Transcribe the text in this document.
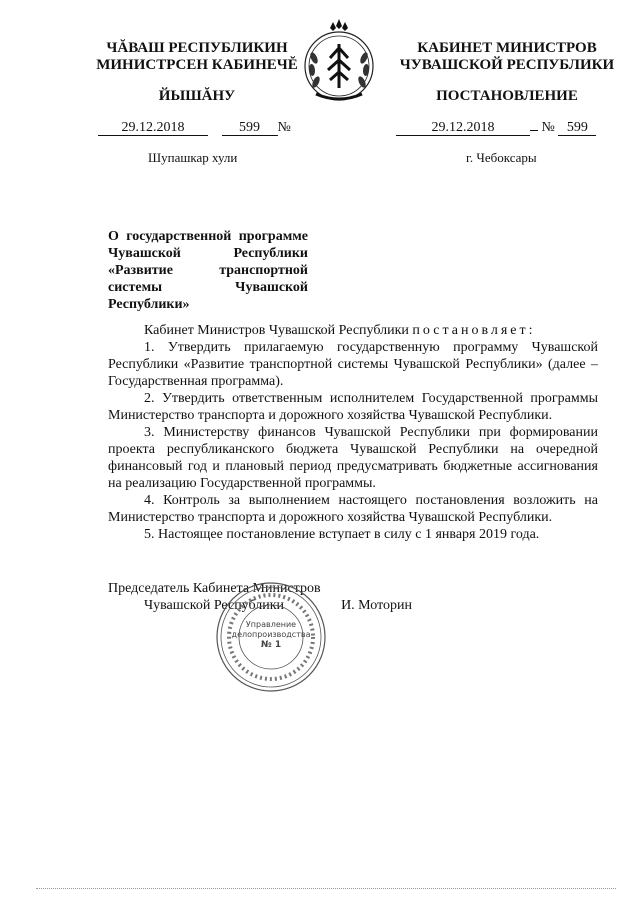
ЧĂВАШ РЕСПУБЛИКИН
МИНИСТРСЕН КАБИНЕЧĔ
ЙЫШĂНУ
КАБИНЕТ МИНИСТРОВ
ЧУВАШСКОЙ РЕСПУБЛИКИ
ПОСТАНОВЛЕНИЕ
29.12.2018	599 №	29.12.2018	№ 599
Шупашкар хули	г. Чебоксары
О государственной программе Чувашской Республики «Развитие транспортной системы Чувашской Республики»

Кабинет Министров Чувашской Республики постановляет:

1. Утвердить прилагаемую государственную программу Чувашской Республики «Развитие транспортной системы Чувашской Республики» (далее – Государственная программа).

2. Утвердить ответственным исполнителем Государственной программы Министерство транспорта и дорожного хозяйства Чувашской Республики.

3. Министерству финансов Чувашской Республики при формировании проекта республиканского бюджета Чувашской Республики на очередной финансовый год и плановый период предусматривать бюджетные ассигнования на реализацию Государственной программы.

4. Контроль за выполнением настоящего постановления возложить на Министерство транспорта и дорожного хозяйства Чувашской Республики.

5. Настоящее постановление вступает в силу с 1 января 2019 года.

Председатель Кабинета Министров
Чувашской Республики	И. Моторин
Управление
делопроизводства
№ 1
